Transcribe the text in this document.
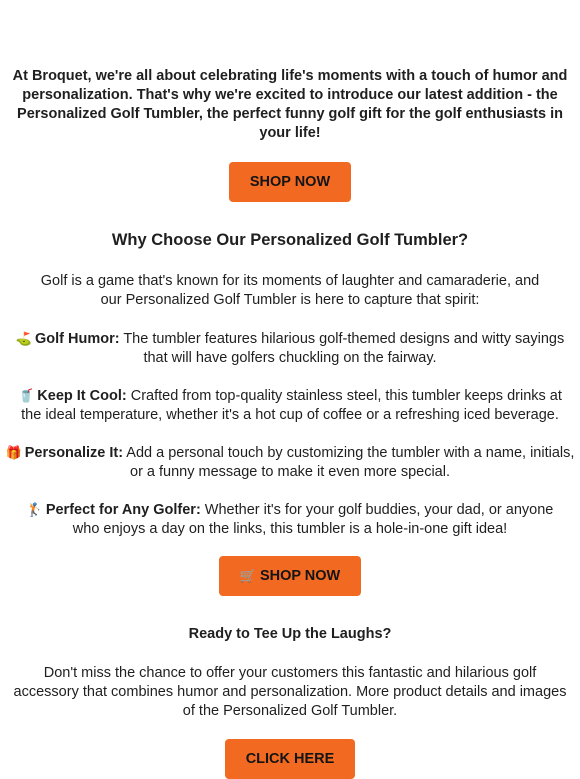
At Broquet, we're all about celebrating life's moments with a touch of humor and personalization. That's why we're excited to introduce our latest addition - the Personalized Golf Tumbler, the perfect funny golf gift for the golf enthusiasts in your life!

SHOP NOW
Why Choose Our Personalized Golf Tumbler?

Golf is a game that's known for its moments of laughter and camaraderie, and our Personalized Golf Tumbler is here to capture that spirit:

⛳ Golf Humor: The tumbler features hilarious golf-themed designs and witty sayings that will have golfers chuckling on the fairway.

🥤 Keep It Cool: Crafted from top-quality stainless steel, this tumbler keeps drinks at the ideal temperature, whether it's a hot cup of coffee or a refreshing iced beverage.

🎁 Personalize It: Add a personal touch by customizing the tumbler with a name, initials, or a funny message to make it even more special.

🏌 Perfect for Any Golfer: Whether it's for your golf buddies, your dad, or anyone who enjoys a day on the links, this tumbler is a hole-in-one gift idea!

🛒 SHOP NOW

Ready to Tee Up the Laughs?

Don't miss the chance to offer your customers this fantastic and hilarious golf accessory that combines humor and personalization. More product details and images of the Personalized Golf Tumbler.

CLICK HERE
